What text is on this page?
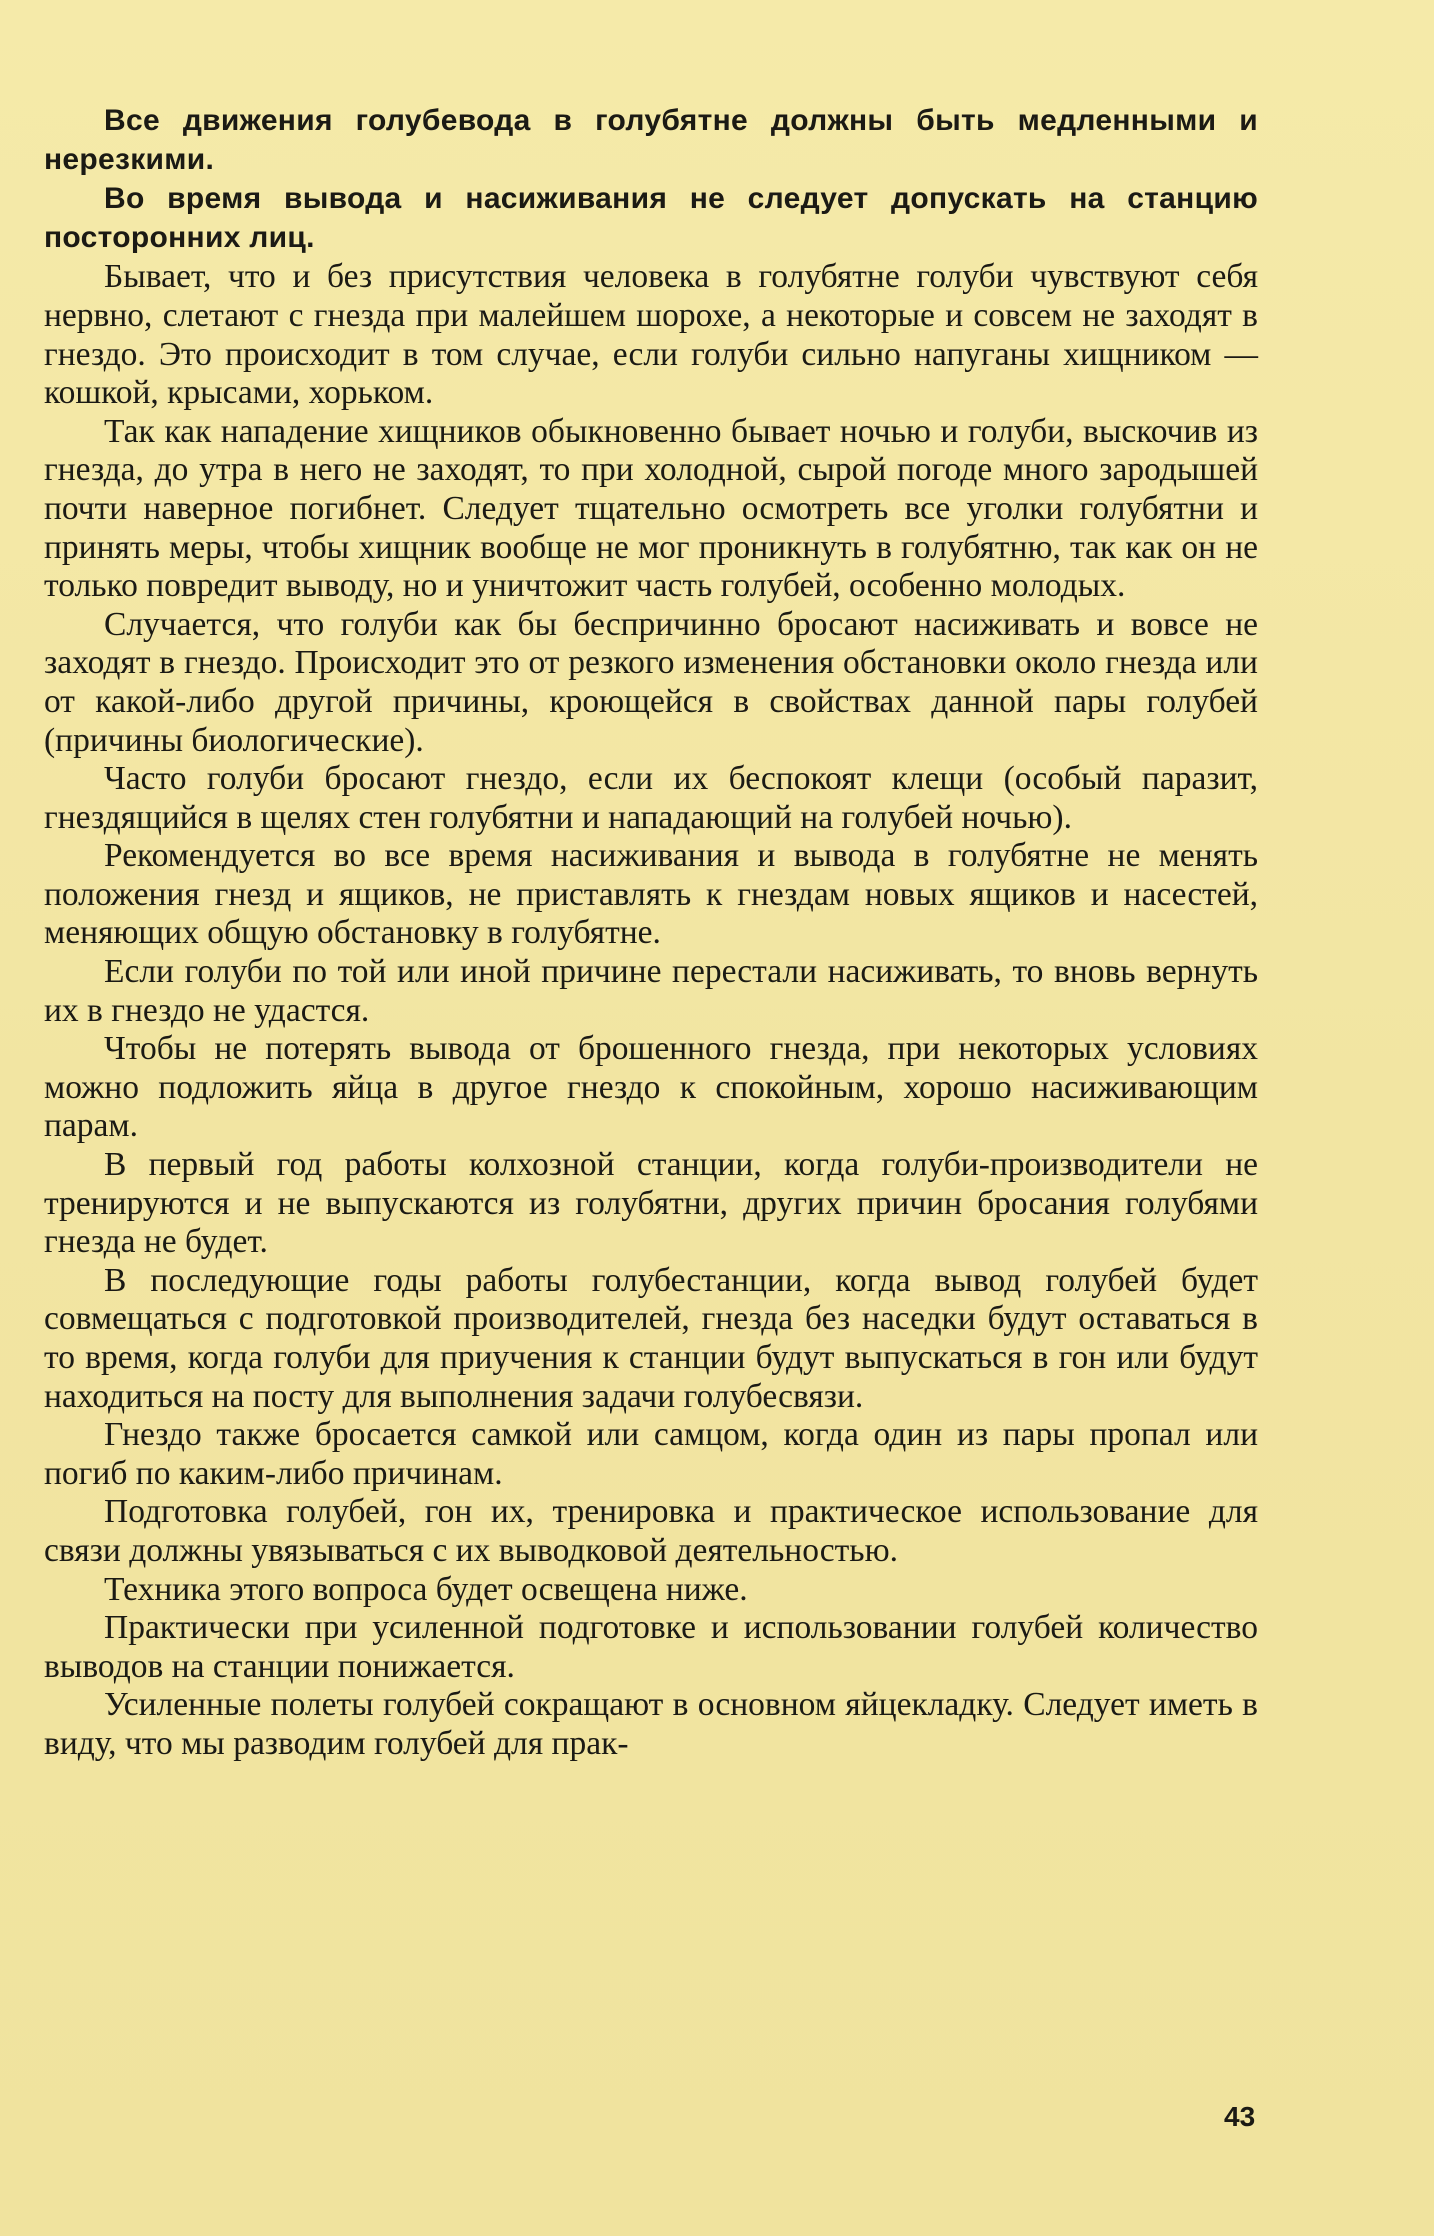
Все движения голубевода в голубятне должны быть медленными и нерезкими.

Во время вывода и насиживания не следует допускать на станцию посторонних лиц.

Бывает, что и без присутствия человека в голубятне голуби чувствуют себя нервно, слетают с гнезда при малейшем шорохе, а некоторые и совсем не заходят в гнездо. Это происходит в том случае, если голуби сильно напуганы хищником — кошкой, крысами, хорьком.

Так как нападение хищников обыкновенно бывает ночью и голуби, выскочив из гнезда, до утра в него не заходят, то при холодной, сырой погоде много зародышей почти наверное погибнет. Следует тщательно осмотреть все уголки голубятни и принять меры, чтобы хищник вообще не мог проникнуть в голубятню, так как он не только повредит выводу, но и уничтожит часть голубей, особенно молодых.

Случается, что голуби как бы беспричинно бросают насиживать и вовсе не заходят в гнездо. Происходит это от резкого изменения обстановки около гнезда или от какой-либо другой причины, кроющейся в свойствах данной пары голубей (причины биологические).

Часто голуби бросают гнездо, если их беспокоят клещи (особый паразит, гнездящийся в щелях стен голубятни и нападающий на голубей ночью).

Рекомендуется во все время насиживания и вывода в голубятне не менять положения гнезд и ящиков, не приставлять к гнездам новых ящиков и насестей, меняющих общую обстановку в голубятне.

Если голуби по той или иной причине перестали насиживать, то вновь вернуть их в гнездо не удастся.

Чтобы не потерять вывода от брошенного гнезда, при некоторых условиях можно подложить яйца в другое гнездо к спокойным, хорошо насиживающим парам.

В первый год работы колхозной станции, когда голуби-производители не тренируются и не выпускаются из голубятни, других причин бросания голубями гнезда не будет.

В последующие годы работы голубестанции, когда вывод голубей будет совмещаться с подготовкой производителей, гнезда без наседки будут оставаться в то время, когда голуби для приучения к станции будут выпускаться в гон или будут находиться на посту для выполнения задачи голубесвязи.

Гнездо также бросается самкой или самцом, когда один из пары пропал или погиб по каким-либо причинам.

Подготовка голубей, гон их, тренировка и практическое использование для связи должны увязываться с их выводковой деятельностью.

Техника этого вопроса будет освещена ниже.

Практически при усиленной подготовке и использовании голубей количество выводов на станции понижается.

Усиленные полеты голубей сокращают в основном яйцекладку. Следует иметь в виду, что мы разводим голубей для прак-

43
